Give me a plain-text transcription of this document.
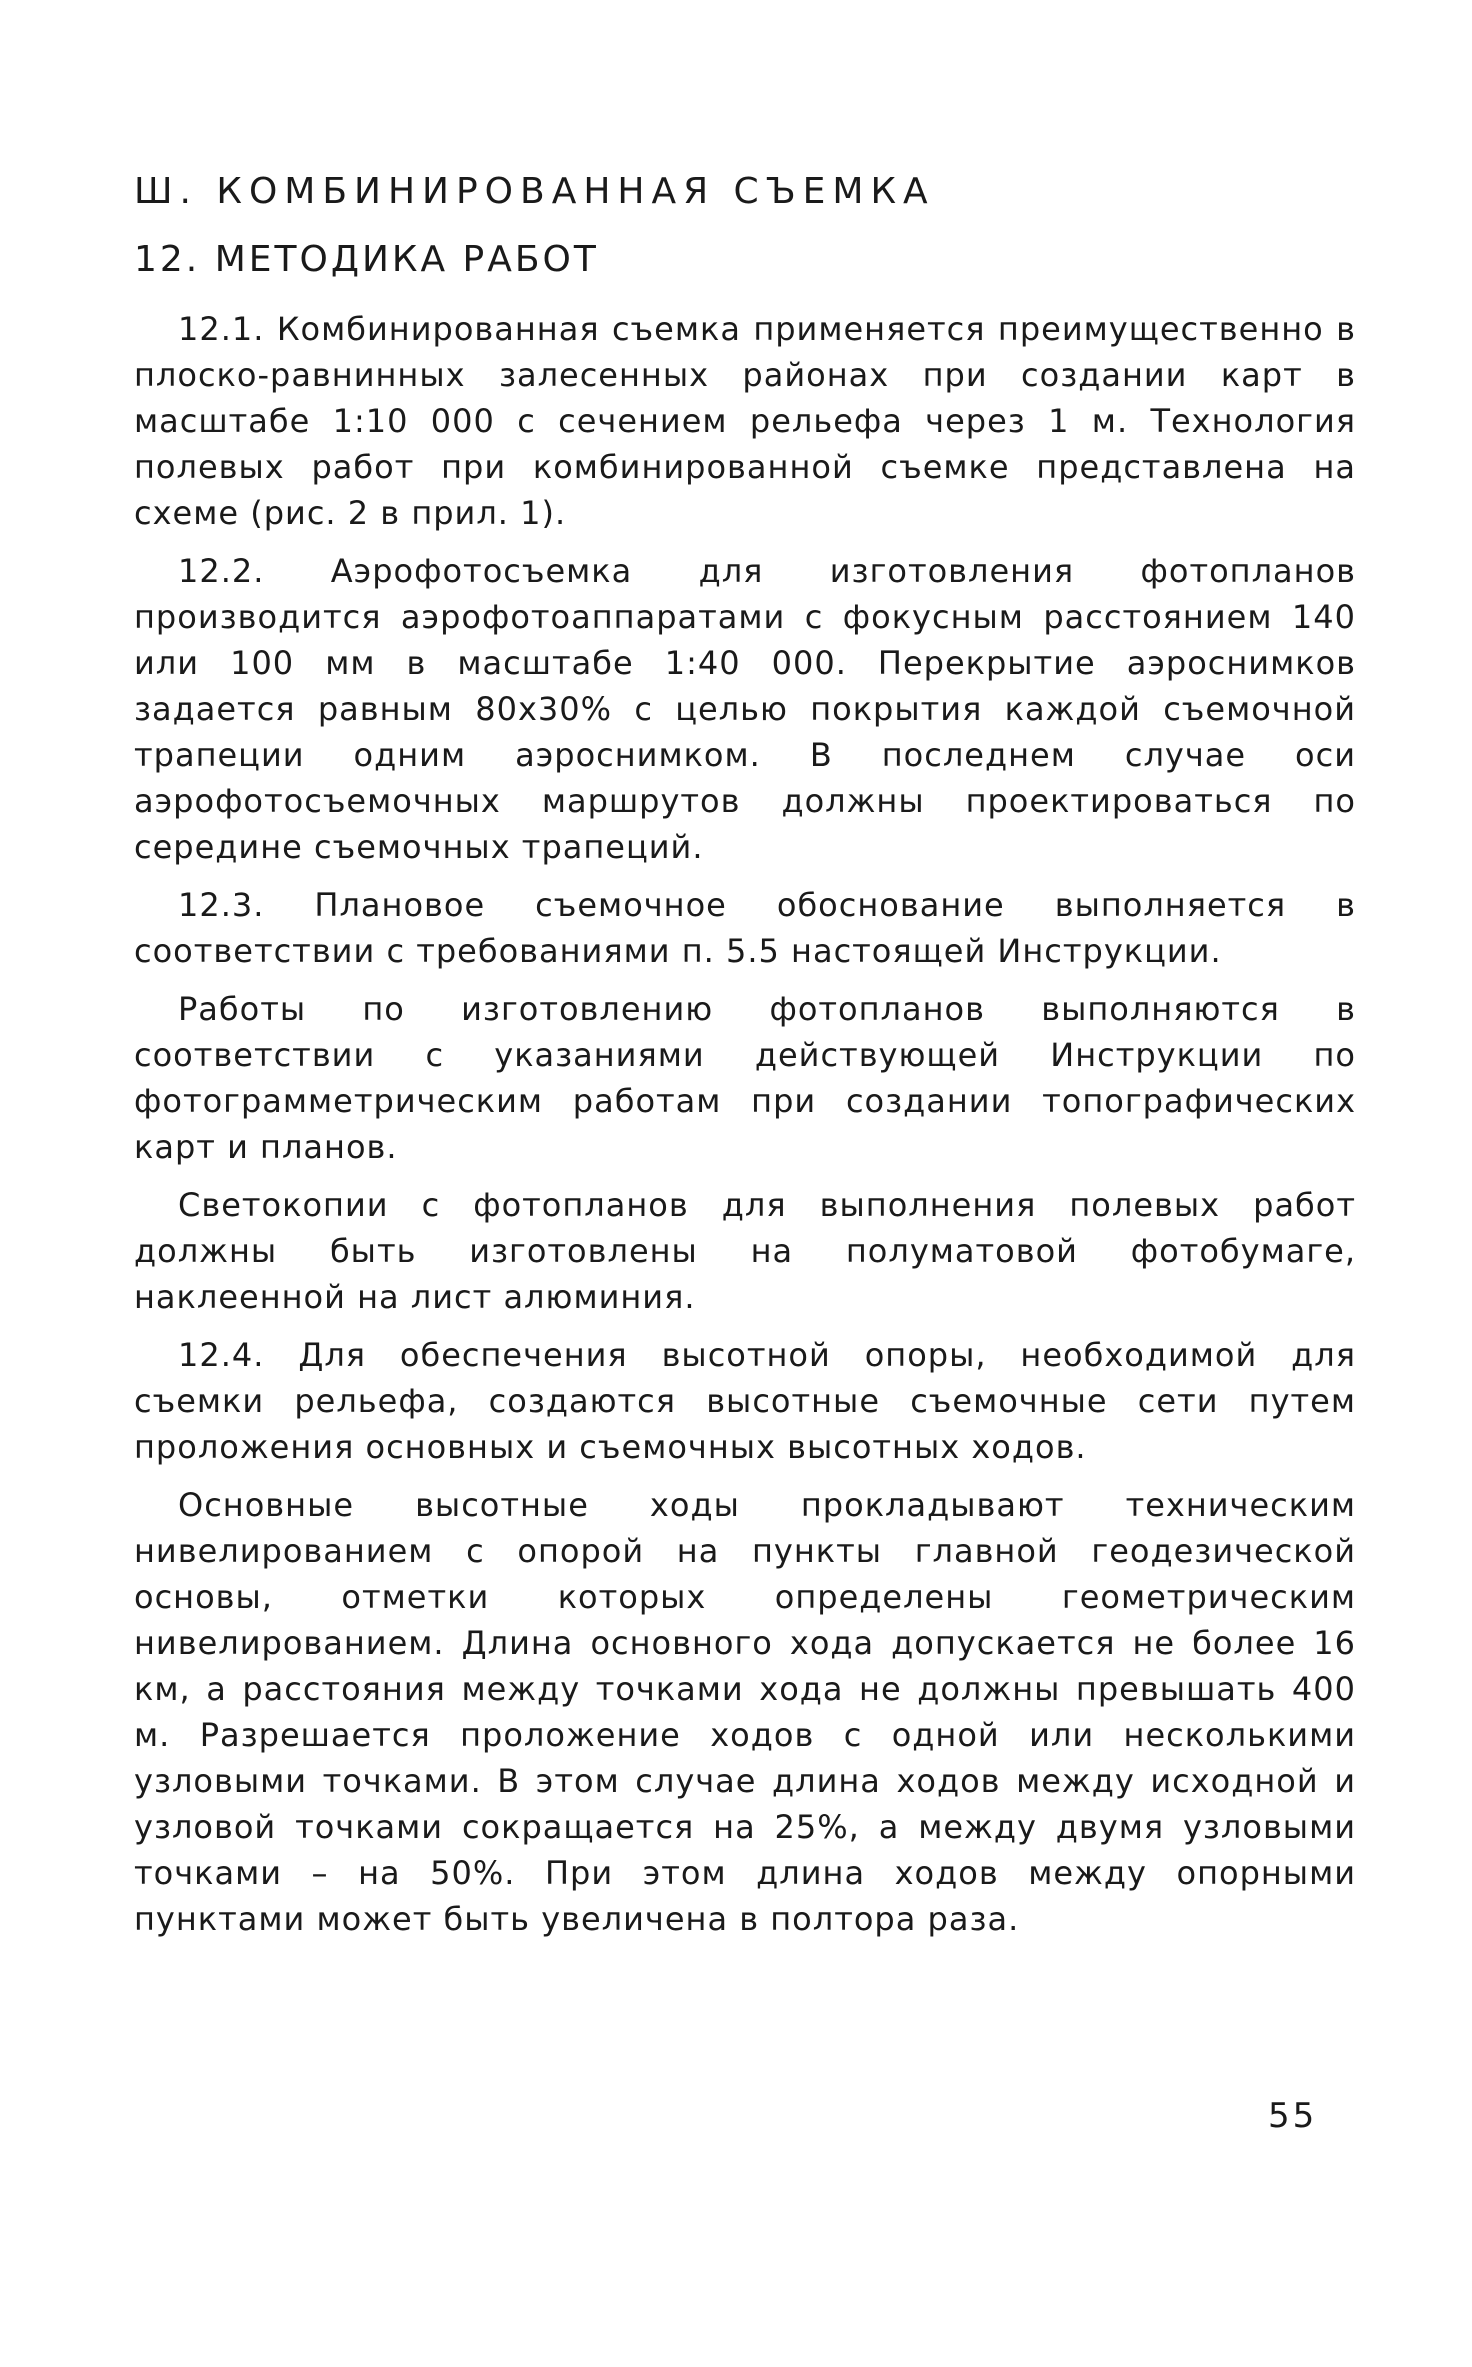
Ш. КОМБИНИРОВАННАЯ СЪЕМКА
12. МЕТОДИКА РАБОТ

12.1. Комбинированная съемка применяется преимущественно в плоско-равнинных залесенных районах при создании карт в масштабе 1:10 000 с сечением рельефа через 1 м. Технология полевых работ при комбинированной съемке представлена на схеме (рис. 2 в прил. 1).

12.2. Аэрофотосъемка для изготовления фотопланов производится аэрофотоаппаратами с фокусным расстоянием 140 или 100 мм в масштабе 1:40 000. Перекрытие аэроснимков задается равным 80х30% с целью покрытия каждой съемочной трапеции одним аэроснимком. В последнем случае оси аэрофотосъемочных маршрутов должны проектироваться по середине съемочных трапеций.

12.3. Плановое съемочное обоснование выполняется в соответствии с требованиями п. 5.5 настоящей Инструкции.

Работы по изготовлению фотопланов выполняются в соответствии с указаниями действующей Инструкции по фотограмметрическим работам при создании топографических карт и планов.

Светокопии с фотопланов для выполнения полевых работ должны быть изготовлены на полуматовой фотобумаге, наклеенной на лист алюминия.

12.4. Для обеспечения высотной опоры, необходимой для съемки рельефа, создаются высотные съемочные сети путем проложения основных и съемочных высотных ходов.

Основные высотные ходы прокладывают техническим нивелированием с опорой на пункты главной геодезической основы, отметки которых определены геометрическим нивелированием. Длина основного хода допускается не более 16 км, а расстояния между точками хода не должны превышать 400 м. Разрешается проложение ходов с одной или несколькими узловыми точками. В этом случае длина ходов между исходной и узловой точками сокращается на 25%, а между двумя узловыми точками – на 50%. При этом длина ходов между опорными пунктами может быть увеличена в полтора раза.

55
